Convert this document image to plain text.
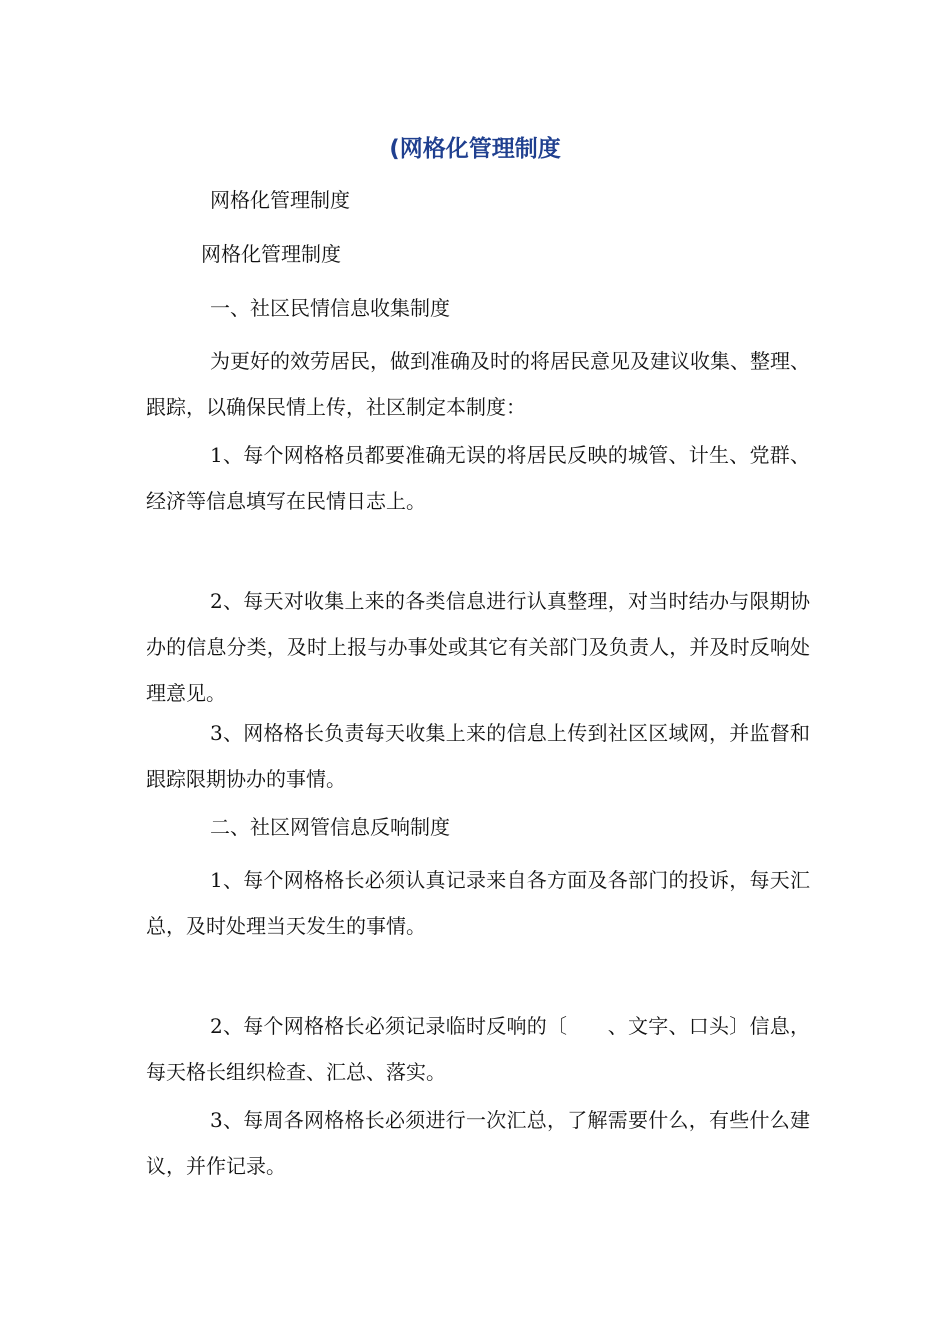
(网格化管理制度

网格化管理制度

网格化管理制度

一、社区民情信息收集制度

为更好的效劳居民，做到准确及时的将居民意见及建议收集、整理、跟踪，以确保民情上传，社区制定本制度：

1、每个网格格员都要准确无误的将居民反映的城管、计生、党群、经济等信息填写在民情日志上。

2、每天对收集上来的各类信息进行认真整理，对当时结办与限期协办的信息分类，及时上报与办事处或其它有关部门及负责人，并及时反响处理意见。

3、网格格长负责每天收集上来的信息上传到社区区域网，并监督和跟踪限期协办的事情。

二、社区网管信息反响制度

1、每个网格格长必须认真记录来自各方面及各部门的投诉，每天汇总，及时处理当天发生的事情。

2、每个网格格长必须记录临时反响的〔　　、文字、口头〕信息，每天格长组织检查、汇总、落实。

3、每周各网格格长必须进行一次汇总，了解需要什么，有些什么建议，并作记录。
